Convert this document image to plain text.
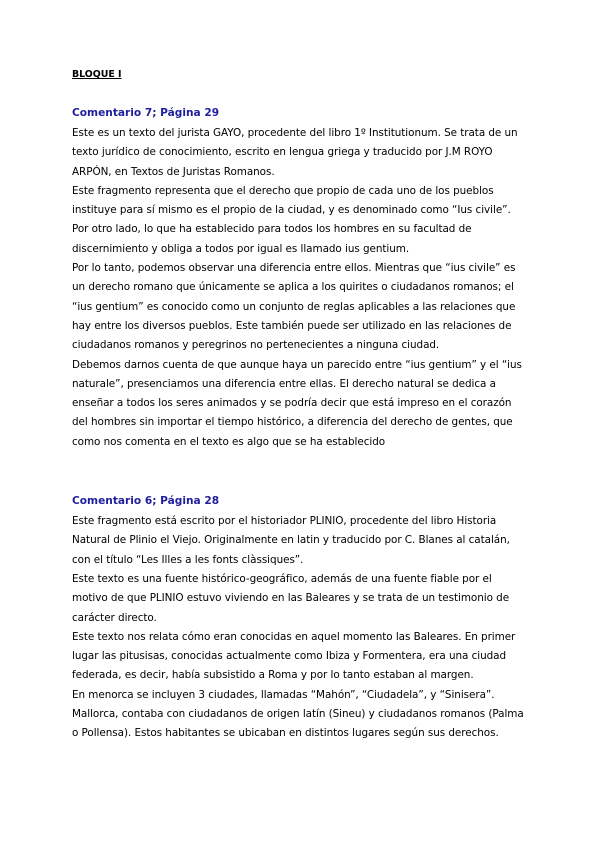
BLOQUE I
Comentario 7; Página 29

Este es un texto del jurista GAYO, procedente del libro 1º Institutionum. Se trata de un texto jurídico de conocimiento, escrito en lengua griega y traducido por J.M ROYO ARPÓN, en Textos de Juristas Romanos.

Este fragmento representa que el derecho que propio de cada uno de los pueblos instituye para sí mismo es el propio de la ciudad, y es denominado como “Ius civile”. Por otro lado, lo que ha establecido para todos los hombres en su facultad de discernimiento y obliga a todos por igual es llamado ius gentium.

Por lo tanto, podemos observar una diferencia entre ellos. Mientras que “ius civile” es un derecho romano que únicamente se aplica a los quirites o ciudadanos romanos; el “ius gentium” es conocido como un conjunto de reglas aplicables a las relaciones que hay entre los diversos pueblos. Este también puede ser utilizado en las relaciones de ciudadanos romanos y peregrinos no pertenecientes a ninguna ciudad.

Debemos darnos cuenta de que aunque haya un parecido entre “ius gentium” y el “ius naturale”, presenciamos una diferencia entre ellas. El derecho natural se dedica a enseñar a todos los seres animados y se podría decir que está impreso en el corazón del hombres sin importar el tiempo histórico, a diferencia del derecho de gentes, que como nos comenta en el texto es algo que se ha establecido

Comentario 6; Página 28

Este fragmento está escrito por el historiador PLINIO, procedente del libro Historia Natural de Plinio el Viejo. Originalmente en latin y traducido por C. Blanes al catalán, con el título “Les Illes a les fonts clàssiques”.

Este texto es una fuente histórico-geográfico, además de una fuente fiable por el motivo de que PLINIO estuvo viviendo en las Baleares y se trata de un testimonio de carácter directo.

Este texto nos relata cómo eran conocidas en aquel momento las Baleares. En primer lugar las pitusisas, conocidas actualmente como Ibiza y Formentera, era una ciudad federada, es decir, había subsistido a Roma y por lo tanto estaban al margen.

En menorca se incluyen 3 ciudades, llamadas “Mahón”, “Ciudadela”, y “Sinisera”.

Mallorca, contaba con ciudadanos de origen latín (Sineu) y ciudadanos romanos (Palma o Pollensa). Estos habitantes se ubicaban en distintos lugares según sus derechos.
